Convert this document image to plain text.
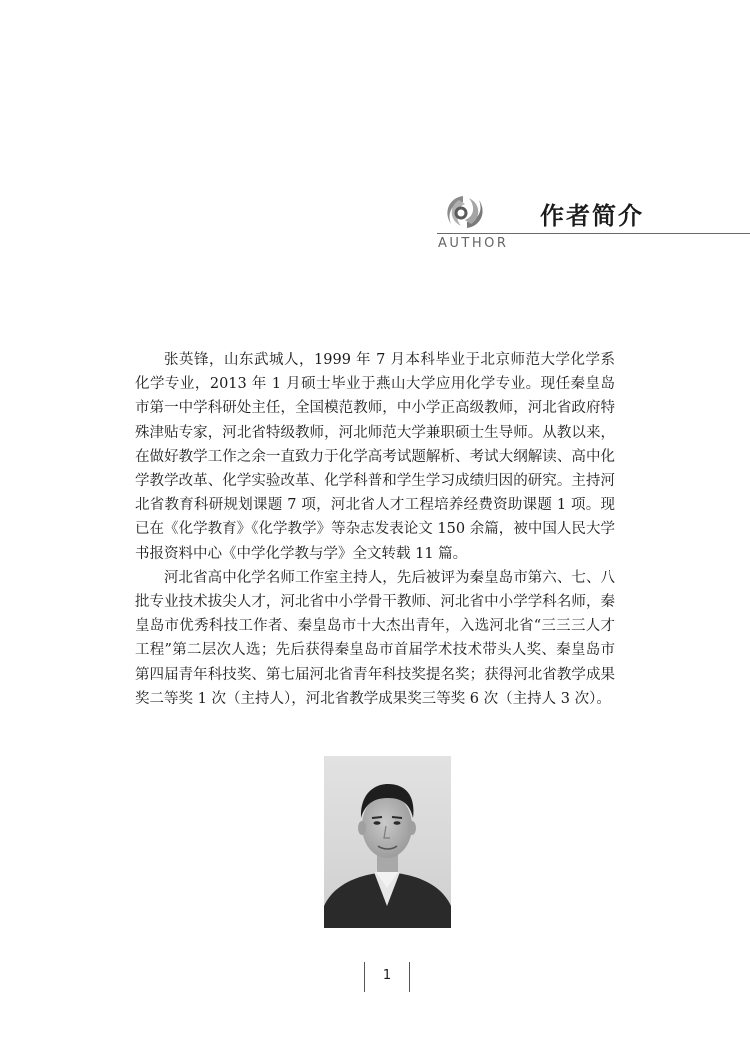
作者简介
AUTHOR

张英锋，山东武城人，1999 年 7 月本科毕业于北京师范大学化学系化学专业，2013 年 1 月硕士毕业于燕山大学应用化学专业。现任秦皇岛市第一中学科研处主任，全国模范教师，中小学正高级教师，河北省政府特殊津贴专家，河北省特级教师，河北师范大学兼职硕士生导师。从教以来，在做好教学工作之余一直致力于化学高考试题解析、考试大纲解读、高中化学教学改革、化学实验改革、化学科普和学生学习成绩归因的研究。主持河北省教育科研规划课题 7 项，河北省人才工程培养经费资助课题 1 项。现已在《化学教育》《化学教学》等杂志发表论文 150 余篇，被中国人民大学书报资料中心《中学化学教与学》全文转载 11 篇。

河北省高中化学名师工作室主持人，先后被评为秦皇岛市第六、七、八批专业技术拔尖人才，河北省中小学骨干教师、河北省中小学学科名师，秦皇岛市优秀科技工作者、秦皇岛市十大杰出青年，入选河北省“三三三人才工程”第二层次人选；先后获得秦皇岛市首届学术技术带头人奖、秦皇岛市第四届青年科技奖、第七届河北省青年科技奖提名奖；获得河北省教学成果奖二等奖 1 次（主持人），河北省教学成果奖三等奖 6 次（主持人 3 次）。

1
